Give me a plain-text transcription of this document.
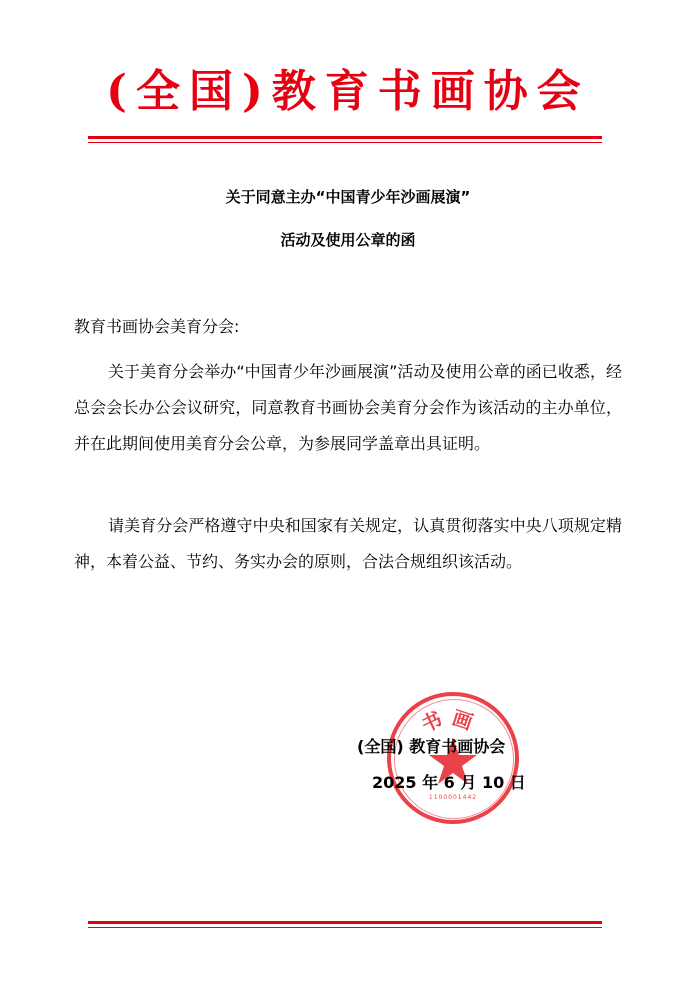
(全国)教育书画协会
关于同意主办“中国青少年沙画展演”
活动及使用公章的函
教育书画协会美育分会:
关于美育分会举办“中国青少年沙画展演”活动及使用公章的函已收悉，经总会会长办公会议研究，同意教育书画协会美育分会作为该活动的主办单位，并在此期间使用美育分会公章，为参展同学盖章出具证明。
请美育分会严格遵守中央和国家有关规定，认真贯彻落实中央八项规定精神，本着公益、节约、务实办会的原则，合法合规组织该活动。
书 画
1100001442
(全国) 教育书画协会
2025 年 6 月 10 日
